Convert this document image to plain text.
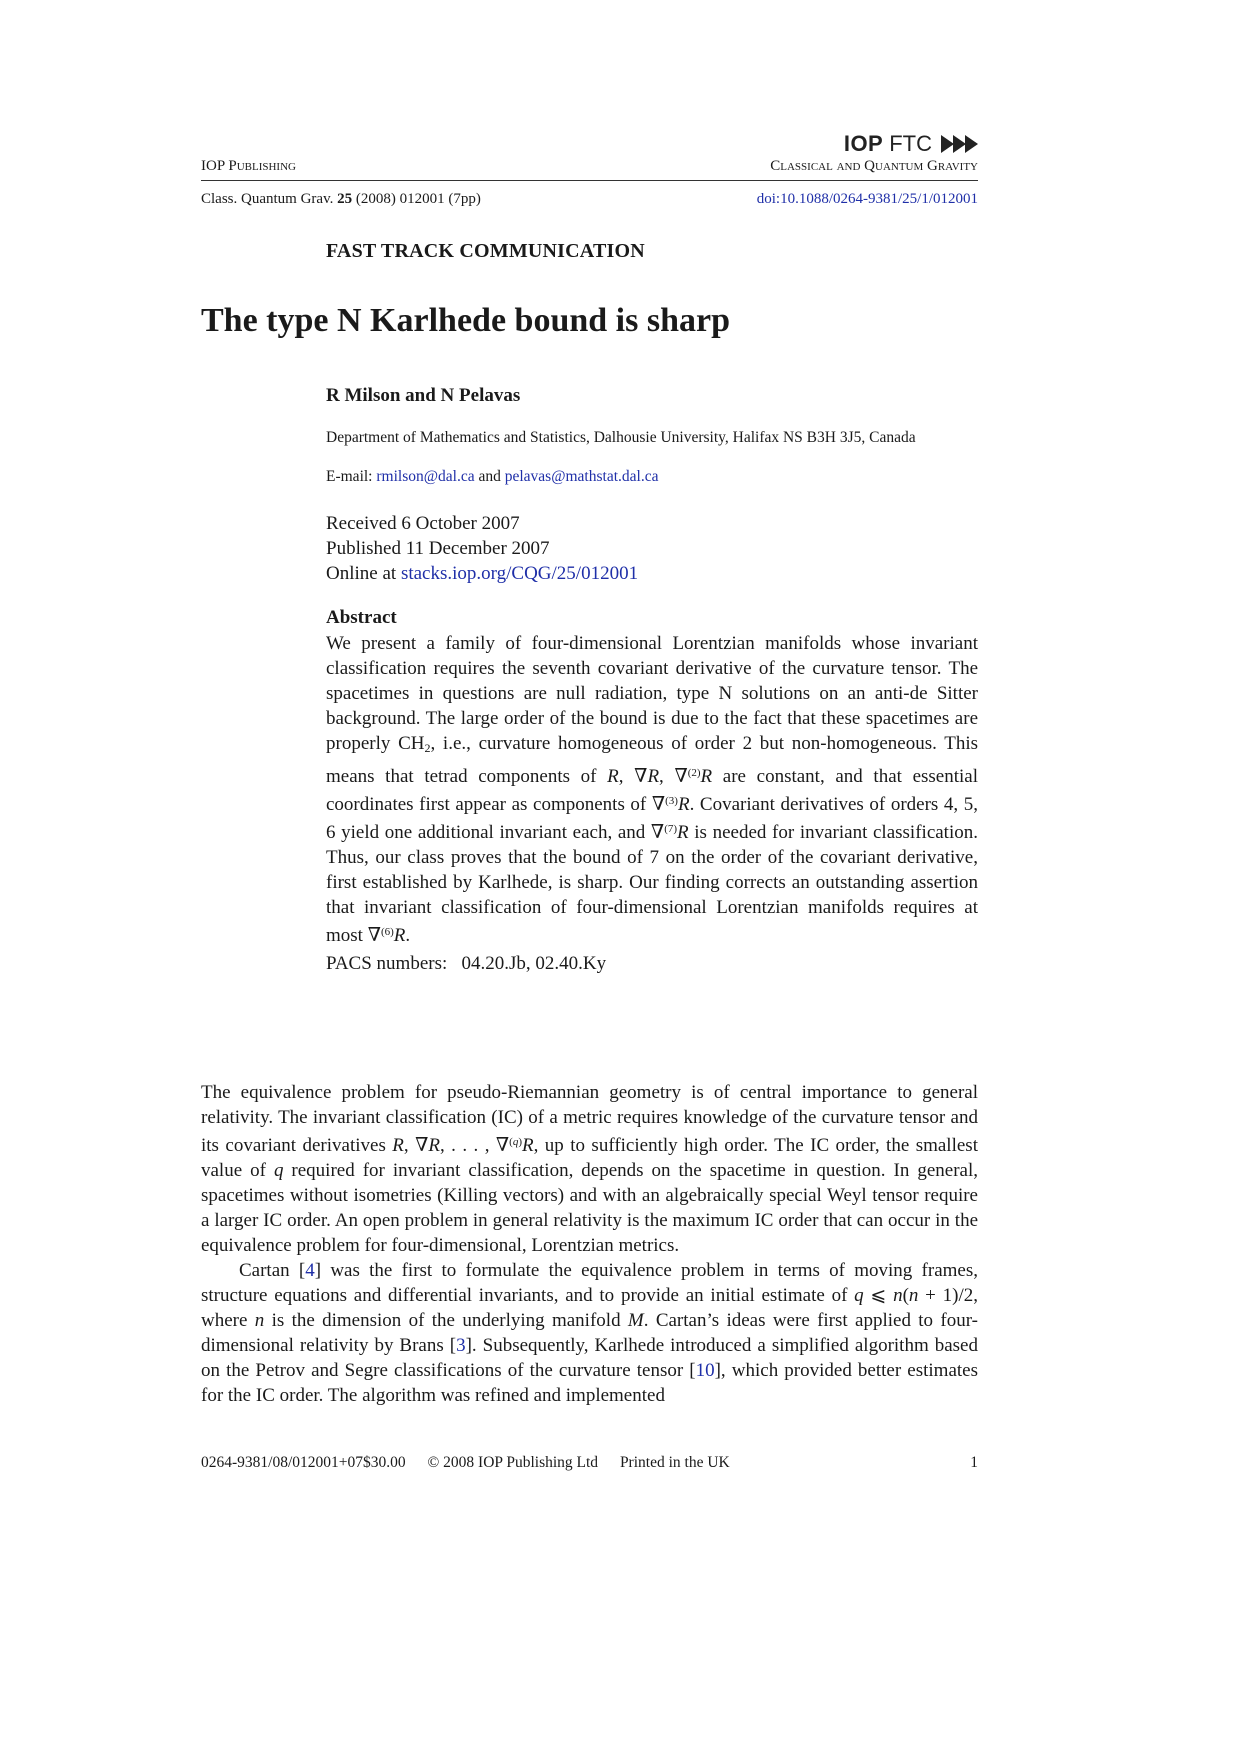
IOP Publishing
IOP FTC
Classical and Quantum Gravity
Class. Quantum Grav. 25 (2008) 012001 (7pp)	doi:10.1088/0264-9381/25/1/012001
FAST TRACK COMMUNICATION
The type N Karlhede bound is sharp
R Milson and N Pelavas
Department of Mathematics and Statistics, Dalhousie University, Halifax NS B3H 3J5, Canada
E-mail: rmilson@dal.ca and pelavas@mathstat.dal.ca
Received 6 October 2007
Published 11 December 2007
Online at stacks.iop.org/CQG/25/012001
Abstract
We present a family of four-dimensional Lorentzian manifolds whose invariant classification requires the seventh covariant derivative of the curvature tensor. The spacetimes in questions are null radiation, type N solutions on an anti-de Sitter background. The large order of the bound is due to the fact that these spacetimes are properly $CH_2$, i.e., curvature homogeneous of order 2 but non-homogeneous. This means that tetrad components of R, ∇R, ∇$^{(2)}$R are constant, and that essential coordinates first appear as components of ∇$^{(3)}$R. Covariant derivatives of orders 4, 5, 6 yield one additional invariant each, and ∇$^{(7)}$R is needed for invariant classification. Thus, our class proves that the bound of 7 on the order of the covariant derivative, first established by Karlhede, is sharp. Our finding corrects an outstanding assertion that invariant classification of four-dimensional Lorentzian manifolds requires at most ∇$^{(6)}$R.
PACS numbers:   04.20.Jb, 02.40.Ky

The equivalence problem for pseudo-Riemannian geometry is of central importance to general relativity. The invariant classification (IC) of a metric requires knowledge of the curvature tensor and its covariant derivatives R, ∇R, . . . , ∇$^{(q)}$R, up to sufficiently high order. The IC order, the smallest value of q required for invariant classification, depends on the spacetime in question. In general, spacetimes without isometries (Killing vectors) and with an algebraically special Weyl tensor require a larger IC order. An open problem in general relativity is the maximum IC order that can occur in the equivalence problem for four-dimensional, Lorentzian metrics.

Cartan [4] was the first to formulate the equivalence problem in terms of moving frames, structure equations and differential invariants, and to provide an initial estimate of q ⩽ n(n + 1)/2, where n is the dimension of the underlying manifold M. Cartan’s ideas were first applied to four-dimensional relativity by Brans [3]. Subsequently, Karlhede introduced a simplified algorithm based on the Petrov and Segre classifications of the curvature tensor [10], which provided better estimates for the IC order. The algorithm was refined and implemented

0264-9381/08/012001+07$30.00 © 2008 IOP Publishing Ltd Printed in the UK	1
